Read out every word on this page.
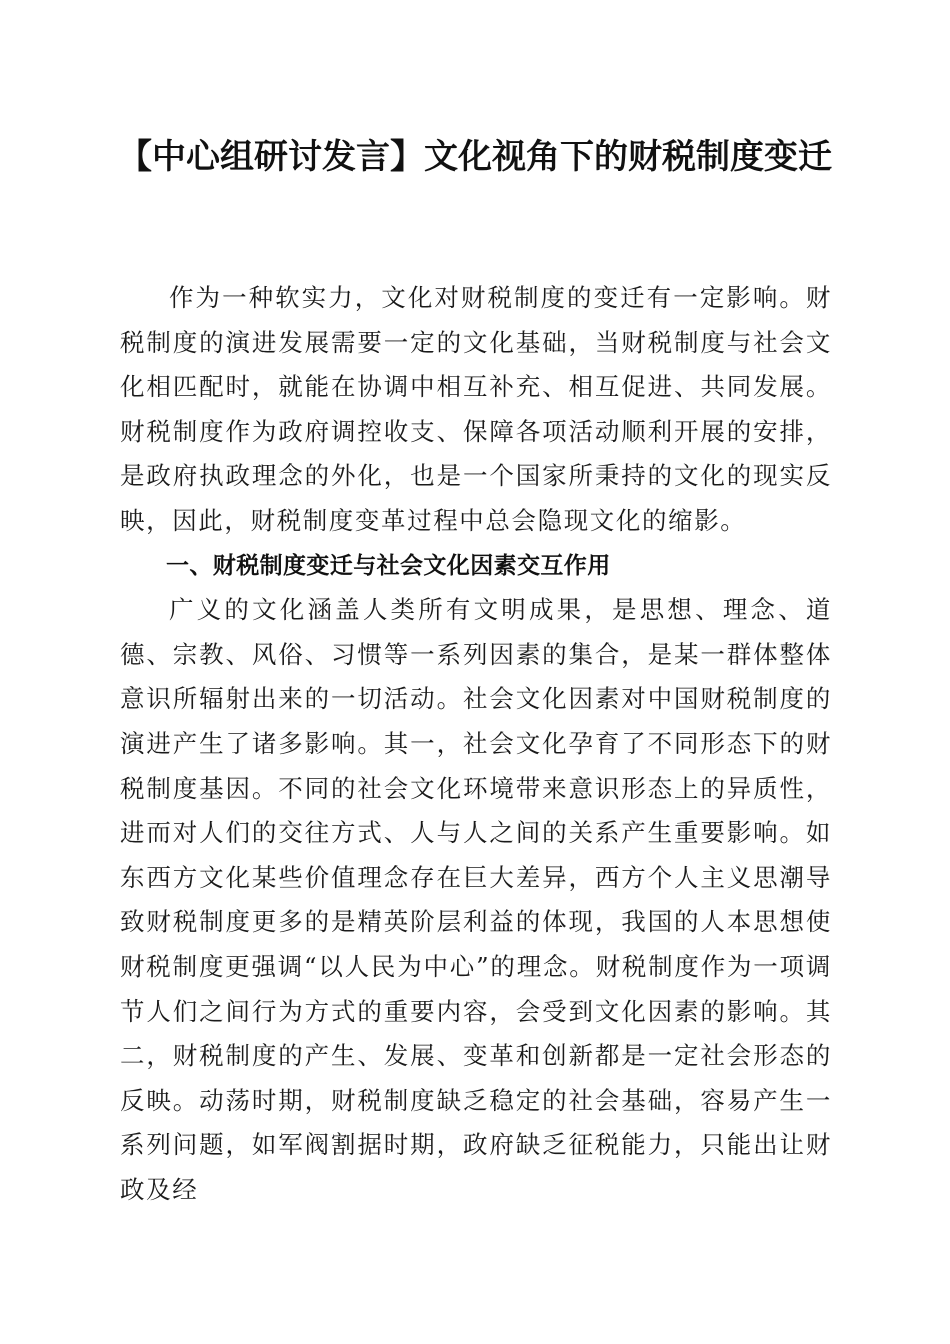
【中心组研讨发言】文化视角下的财税制度变迁

作为一种软实力，文化对财税制度的变迁有一定影响。财税制度的演进发展需要一定的文化基础，当财税制度与社会文化相匹配时，就能在协调中相互补充、相互促进、共同发展。财税制度作为政府调控收支、保障各项活动顺利开展的安排，是政府执政理念的外化，也是一个国家所秉持的文化的现实反映，因此，财税制度变革过程中总会隐现文化的缩影。

一、财税制度变迁与社会文化因素交互作用

广义的文化涵盖人类所有文明成果，是思想、理念、道德、宗教、风俗、习惯等一系列因素的集合，是某一群体整体意识所辐射出来的一切活动。社会文化因素对中国财税制度的演进产生了诸多影响。其一，社会文化孕育了不同形态下的财税制度基因。不同的社会文化环境带来意识形态上的异质性，进而对人们的交往方式、人与人之间的关系产生重要影响。如东西方文化某些价值理念存在巨大差异，西方个人主义思潮导致财税制度更多的是精英阶层利益的体现，我国的人本思想使财税制度更强调“以人民为中心”的理念。财税制度作为一项调节人们之间行为方式的重要内容，会受到文化因素的影响。其二，财税制度的产生、发展、变革和创新都是一定社会形态的反映。动荡时期，财税制度缺乏稳定的社会基础，容易产生一系列问题，如军阀割据时期，政府缺乏征税能力，只能出让财政及经
